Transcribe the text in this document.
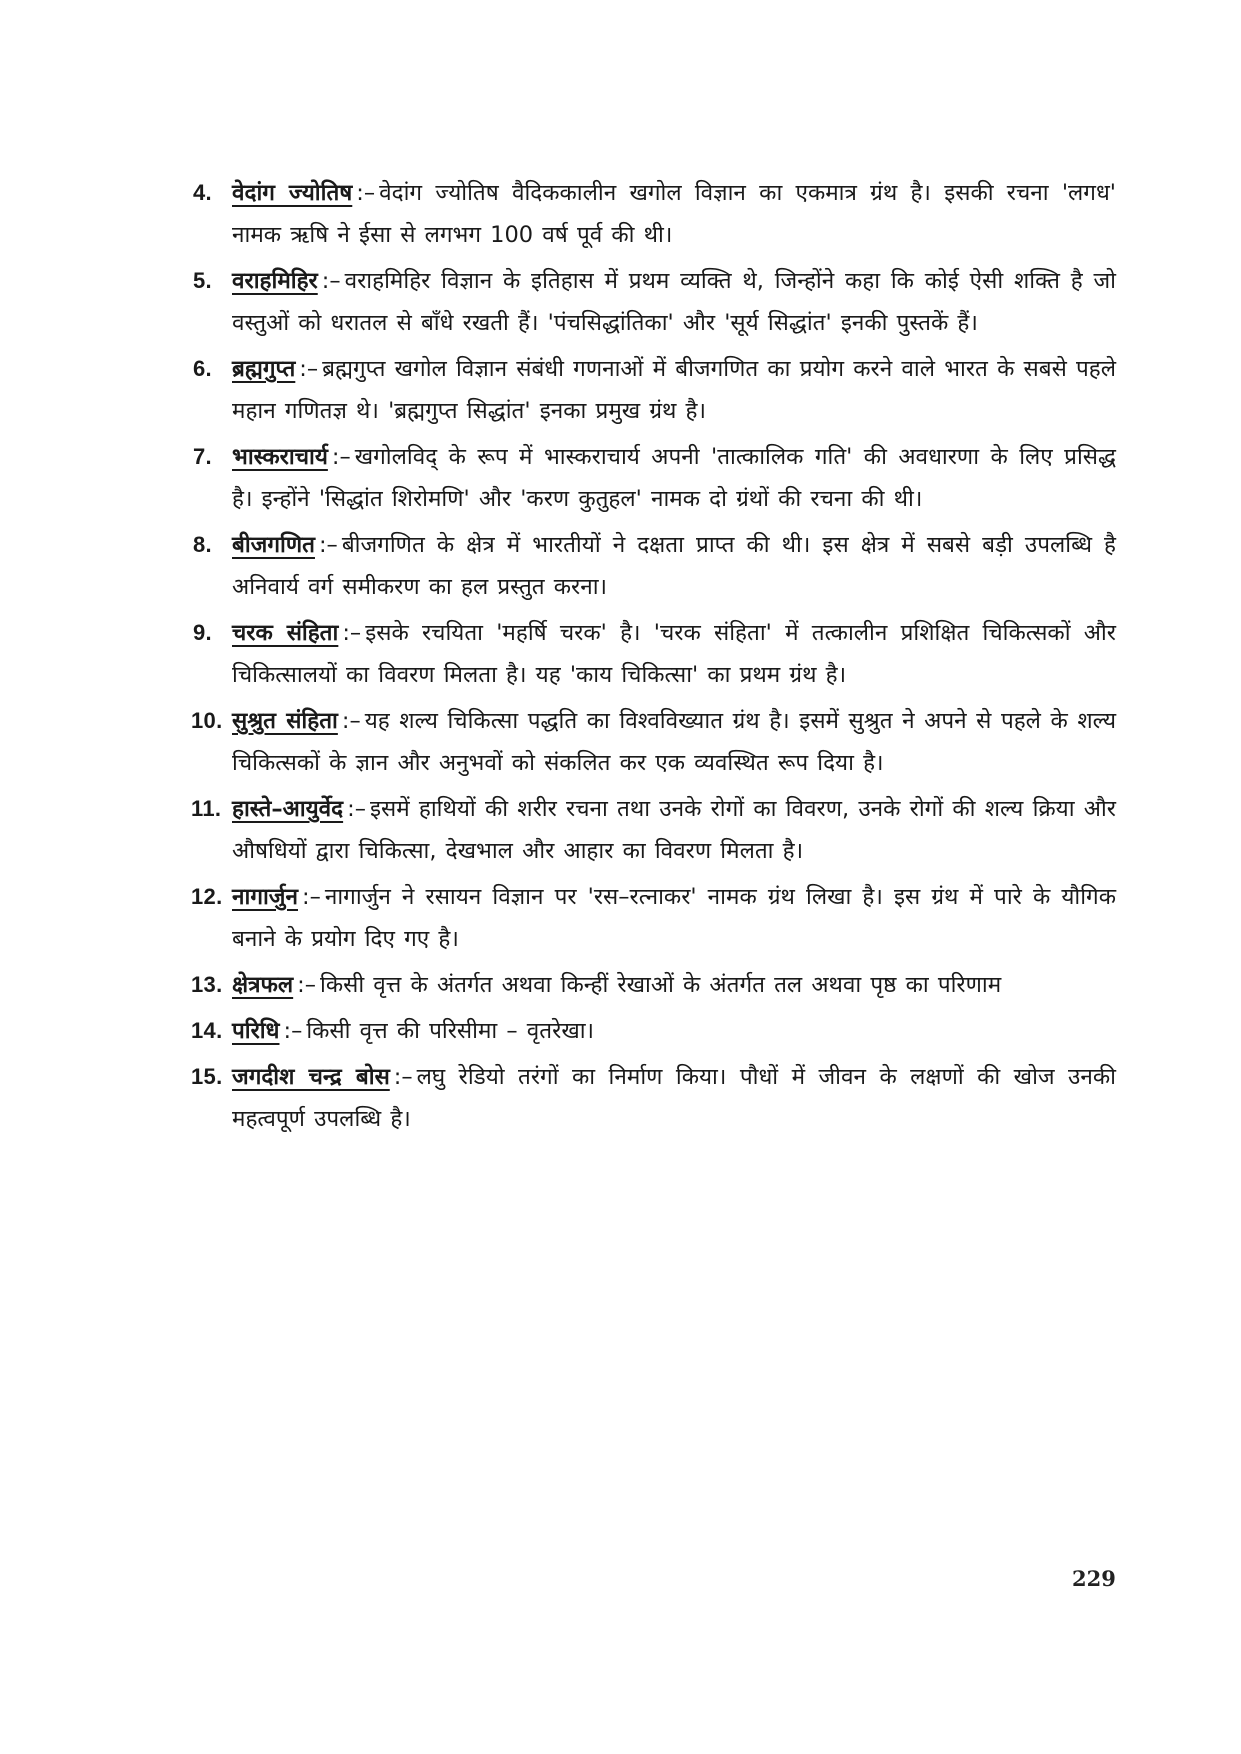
4. वेदांग ज्योतिष :– वेदांग ज्योतिष वैदिककालीन खगोल विज्ञान का एकमात्र ग्रंथ है। इसकी रचना 'लगध' नामक ऋषि ने ईसा से लगभग 100 वर्ष पूर्व की थी।
5. वराहमिहिर :– वराहमिहिर विज्ञान के इतिहास में प्रथम व्यक्ति थे, जिन्होंने कहा कि कोई ऐसी शक्ति है जो वस्तुओं को धरातल से बाँधे रखती हैं। 'पंचसिद्धांतिका' और 'सूर्य सिद्धांत' इनकी पुस्तकें हैं।
6. ब्रह्मगुप्त :– ब्रह्मगुप्त खगोल विज्ञान संबंधी गणनाओं में बीजगणित का प्रयोग करने वाले भारत के सबसे पहले महान गणितज्ञ थे। 'ब्रह्मगुप्त सिद्धांत' इनका प्रमुख ग्रंथ है।
7. भास्कराचार्य :– खगोलविद् के रूप में भास्कराचार्य अपनी 'तात्कालिक गति' की अवधारणा के लिए प्रसिद्ध है। इन्होंने 'सिद्धांत शिरोमणि' और 'करण कुतुहल' नामक दो ग्रंथों की रचना की थी।
8. बीजगणित :– बीजगणित के क्षेत्र में भारतीयों ने दक्षता प्राप्त की थी। इस क्षेत्र में सबसे बड़ी उपलब्धि है अनिवार्य वर्ग समीकरण का हल प्रस्तुत करना।
9. चरक संहिता :– इसके रचयिता 'महर्षि चरक' है। 'चरक संहिता' में तत्कालीन प्रशिक्षित चिकित्सकों और चिकित्सालयों का विवरण मिलता है। यह 'काय चिकित्सा' का प्रथम ग्रंथ है।
10. सुश्रुत संहिता :– यह शल्य चिकित्सा पद्धति का विश्वविख्यात ग्रंथ है। इसमें सुश्रुत ने अपने से पहले के शल्य चिकित्सकों के ज्ञान और अनुभवों को संकलित कर एक व्यवस्थित रूप दिया है।
11. हास्ते–आयुर्वेद :– इसमें हाथियों की शरीर रचना तथा उनके रोगों का विवरण, उनके रोगों की शल्य क्रिया और औषधियों द्वारा चिकित्सा, देखभाल और आहार का विवरण मिलता है।
12. नागार्जुन :– नागार्जुन ने रसायन विज्ञान पर 'रस–रत्नाकर' नामक ग्रंथ लिखा है। इस ग्रंथ में पारे के यौगिक बनाने के प्रयोग दिए गए है।
13. क्षेत्रफल :– किसी वृत्त के अंतर्गत अथवा किन्हीं रेखाओं के अंतर्गत तल अथवा पृष्ठ का परिणाम
14. परिधि :– किसी वृत्त की परिसीमा – वृतरेखा।
15. जगदीश चन्द्र बोस :– लघु रेडियो तरंगों का निर्माण किया। पौधों में जीवन के लक्षणों की खोज उनकी महत्वपूर्ण उपलब्धि है।
229
